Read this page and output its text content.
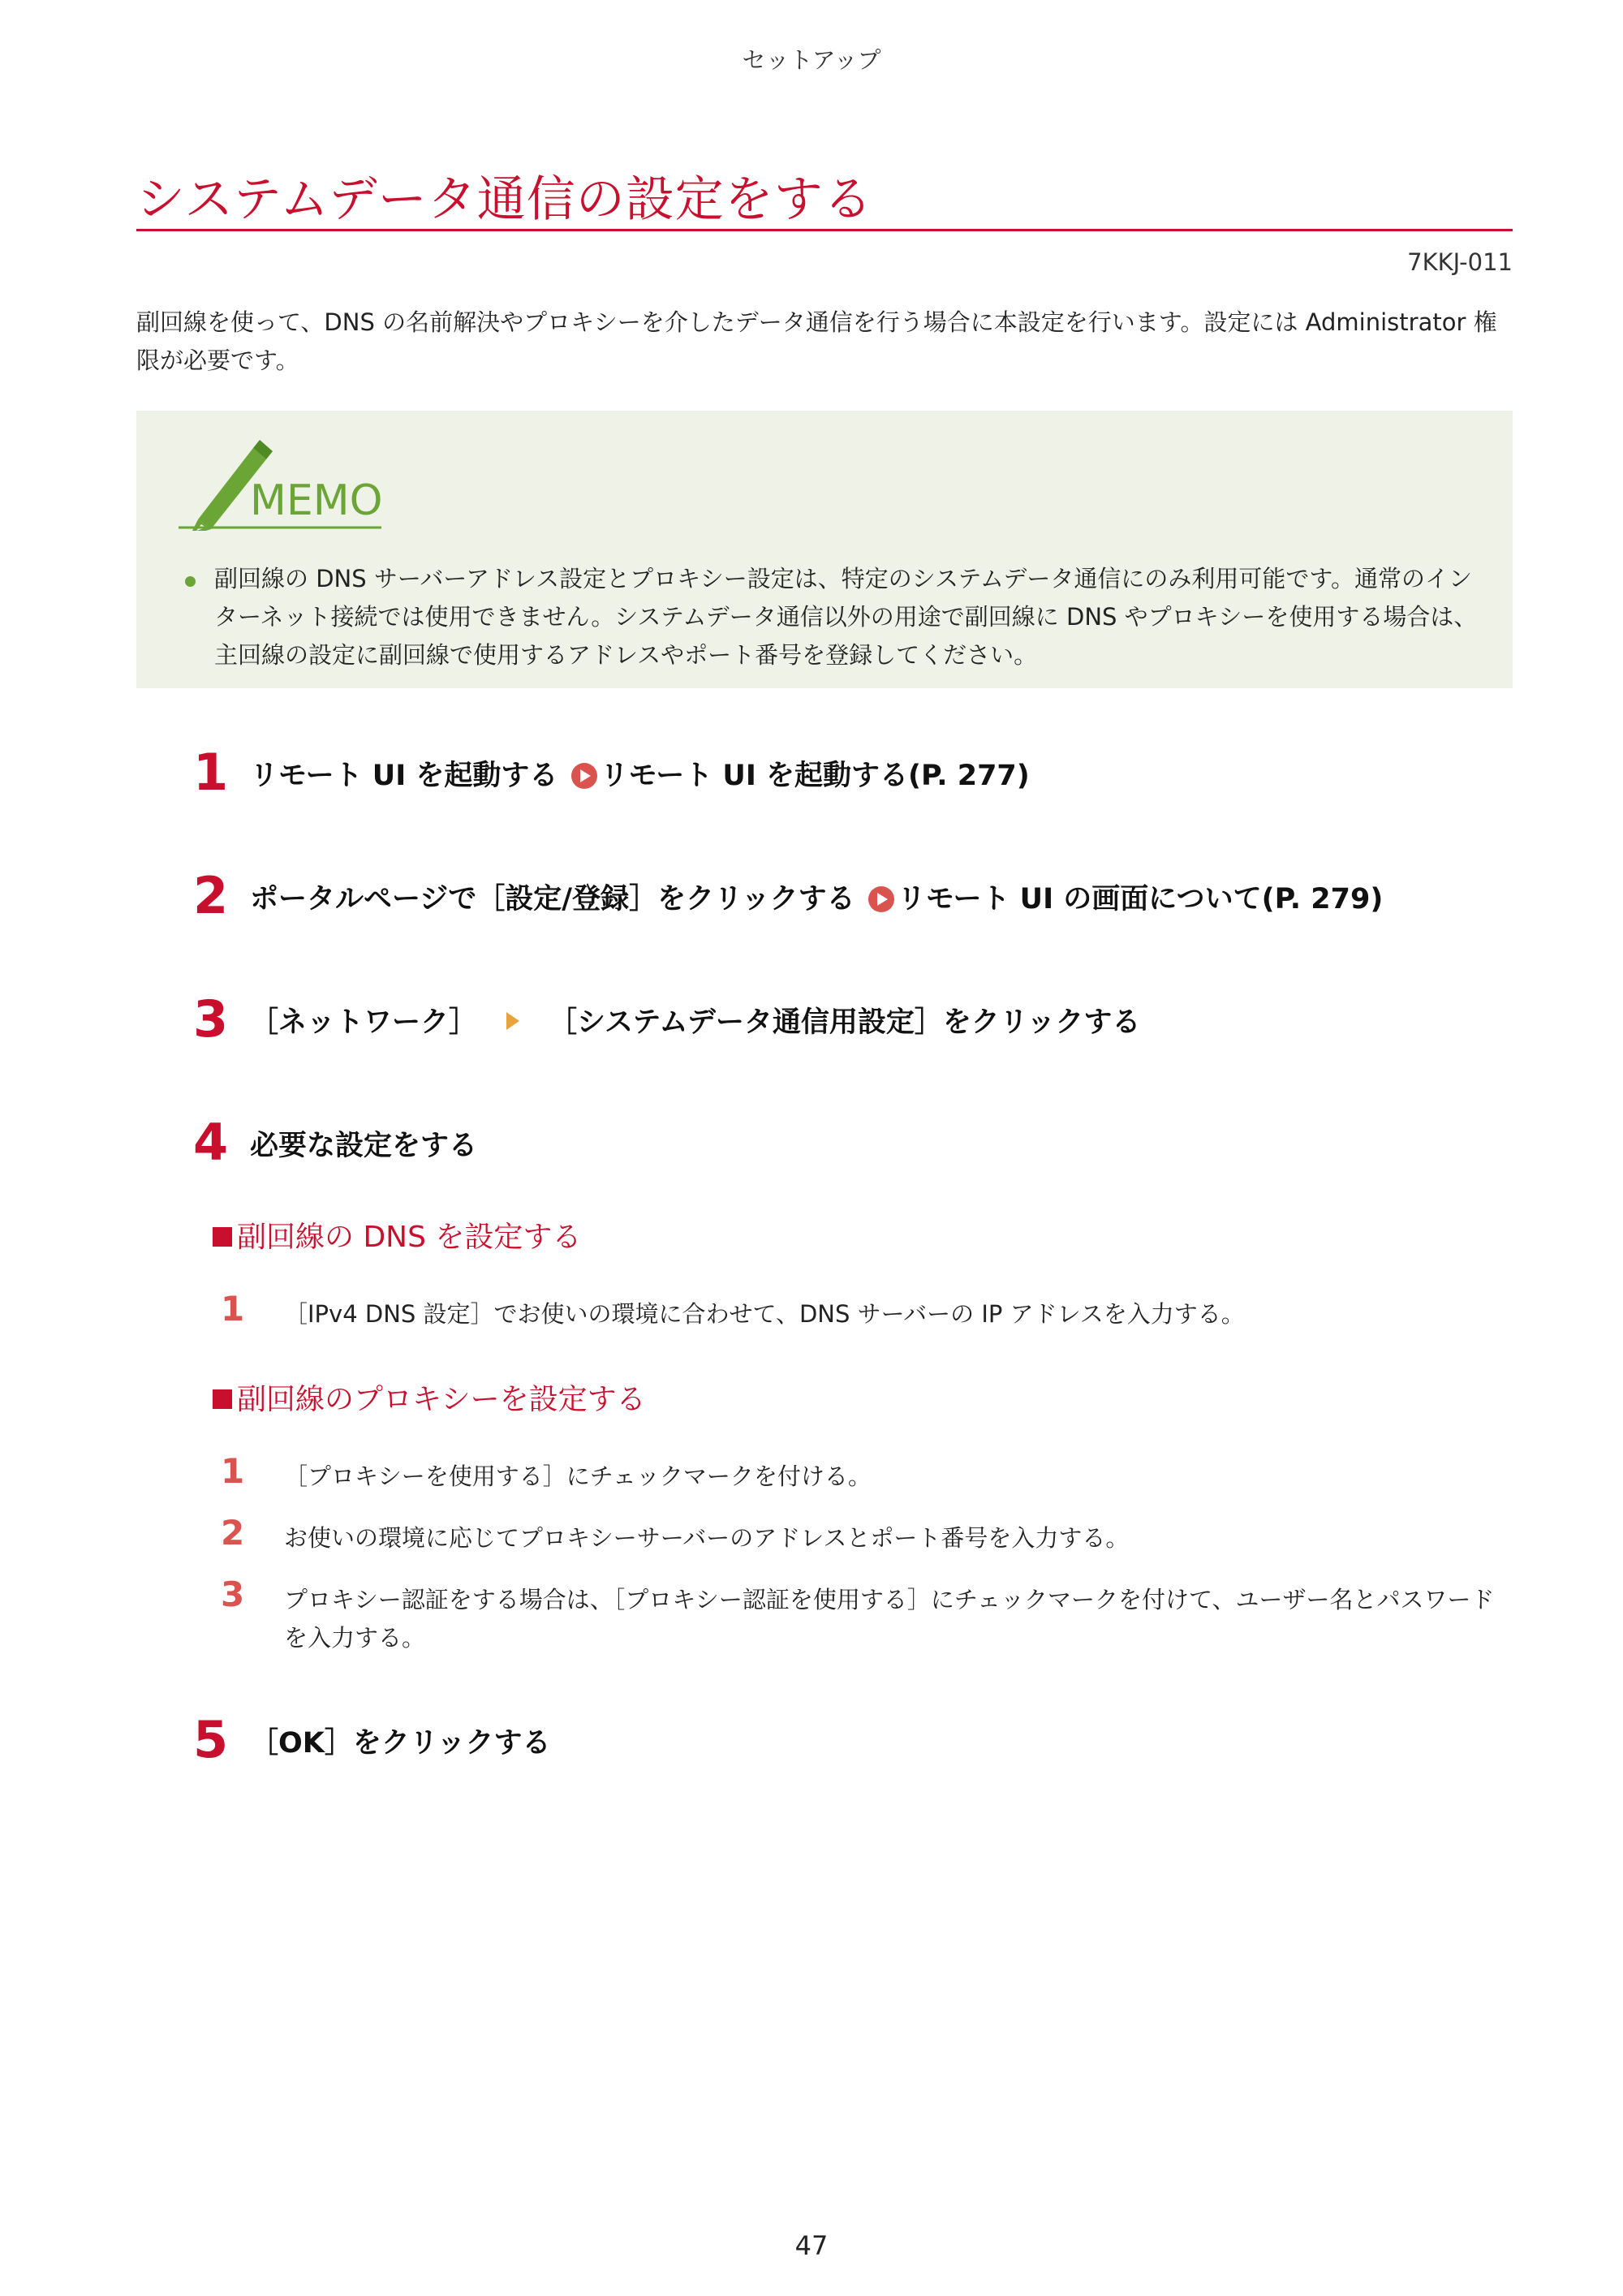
セットアップ
システムデータ通信の設定をする
7KKJ-011
副回線を使って、DNS の名前解決やプロキシーを介したデータ通信を行う場合に本設定を行います。設定には Administrator 権限が必要です。
MEMO
副回線の DNS サーバーアドレス設定とプロキシー設定は、特定のシステムデータ通信にのみ利用可能です。通常のインターネット接続では使用できません。システムデータ通信以外の用途で副回線に DNS やプロキシーを使用する場合は、主回線の設定に副回線で使用するアドレスやポート番号を登録してください。
1 リモート UI を起動する リモート UI を起動する(P. 277)
2 ポータルページで［設定/登録］をクリックする リモート UI の画面について(P. 279)
3 ［ネットワーク］	［システムデータ通信用設定］をクリックする
4 必要な設定をする
副回線の DNS を設定する
1 ［IPv4 DNS 設定］でお使いの環境に合わせて、DNS サーバーの IP アドレスを入力する。
副回線のプロキシーを設定する
1 ［プロキシーを使用する］にチェックマークを付ける。
2 お使いの環境に応じてプロキシーサーバーのアドレスとポート番号を入力する。
3 プロキシー認証をする場合は、［プロキシー認証を使用する］にチェックマークを付けて、ユーザー名とパスワードを入力する。
5 ［OK］をクリックする
47
